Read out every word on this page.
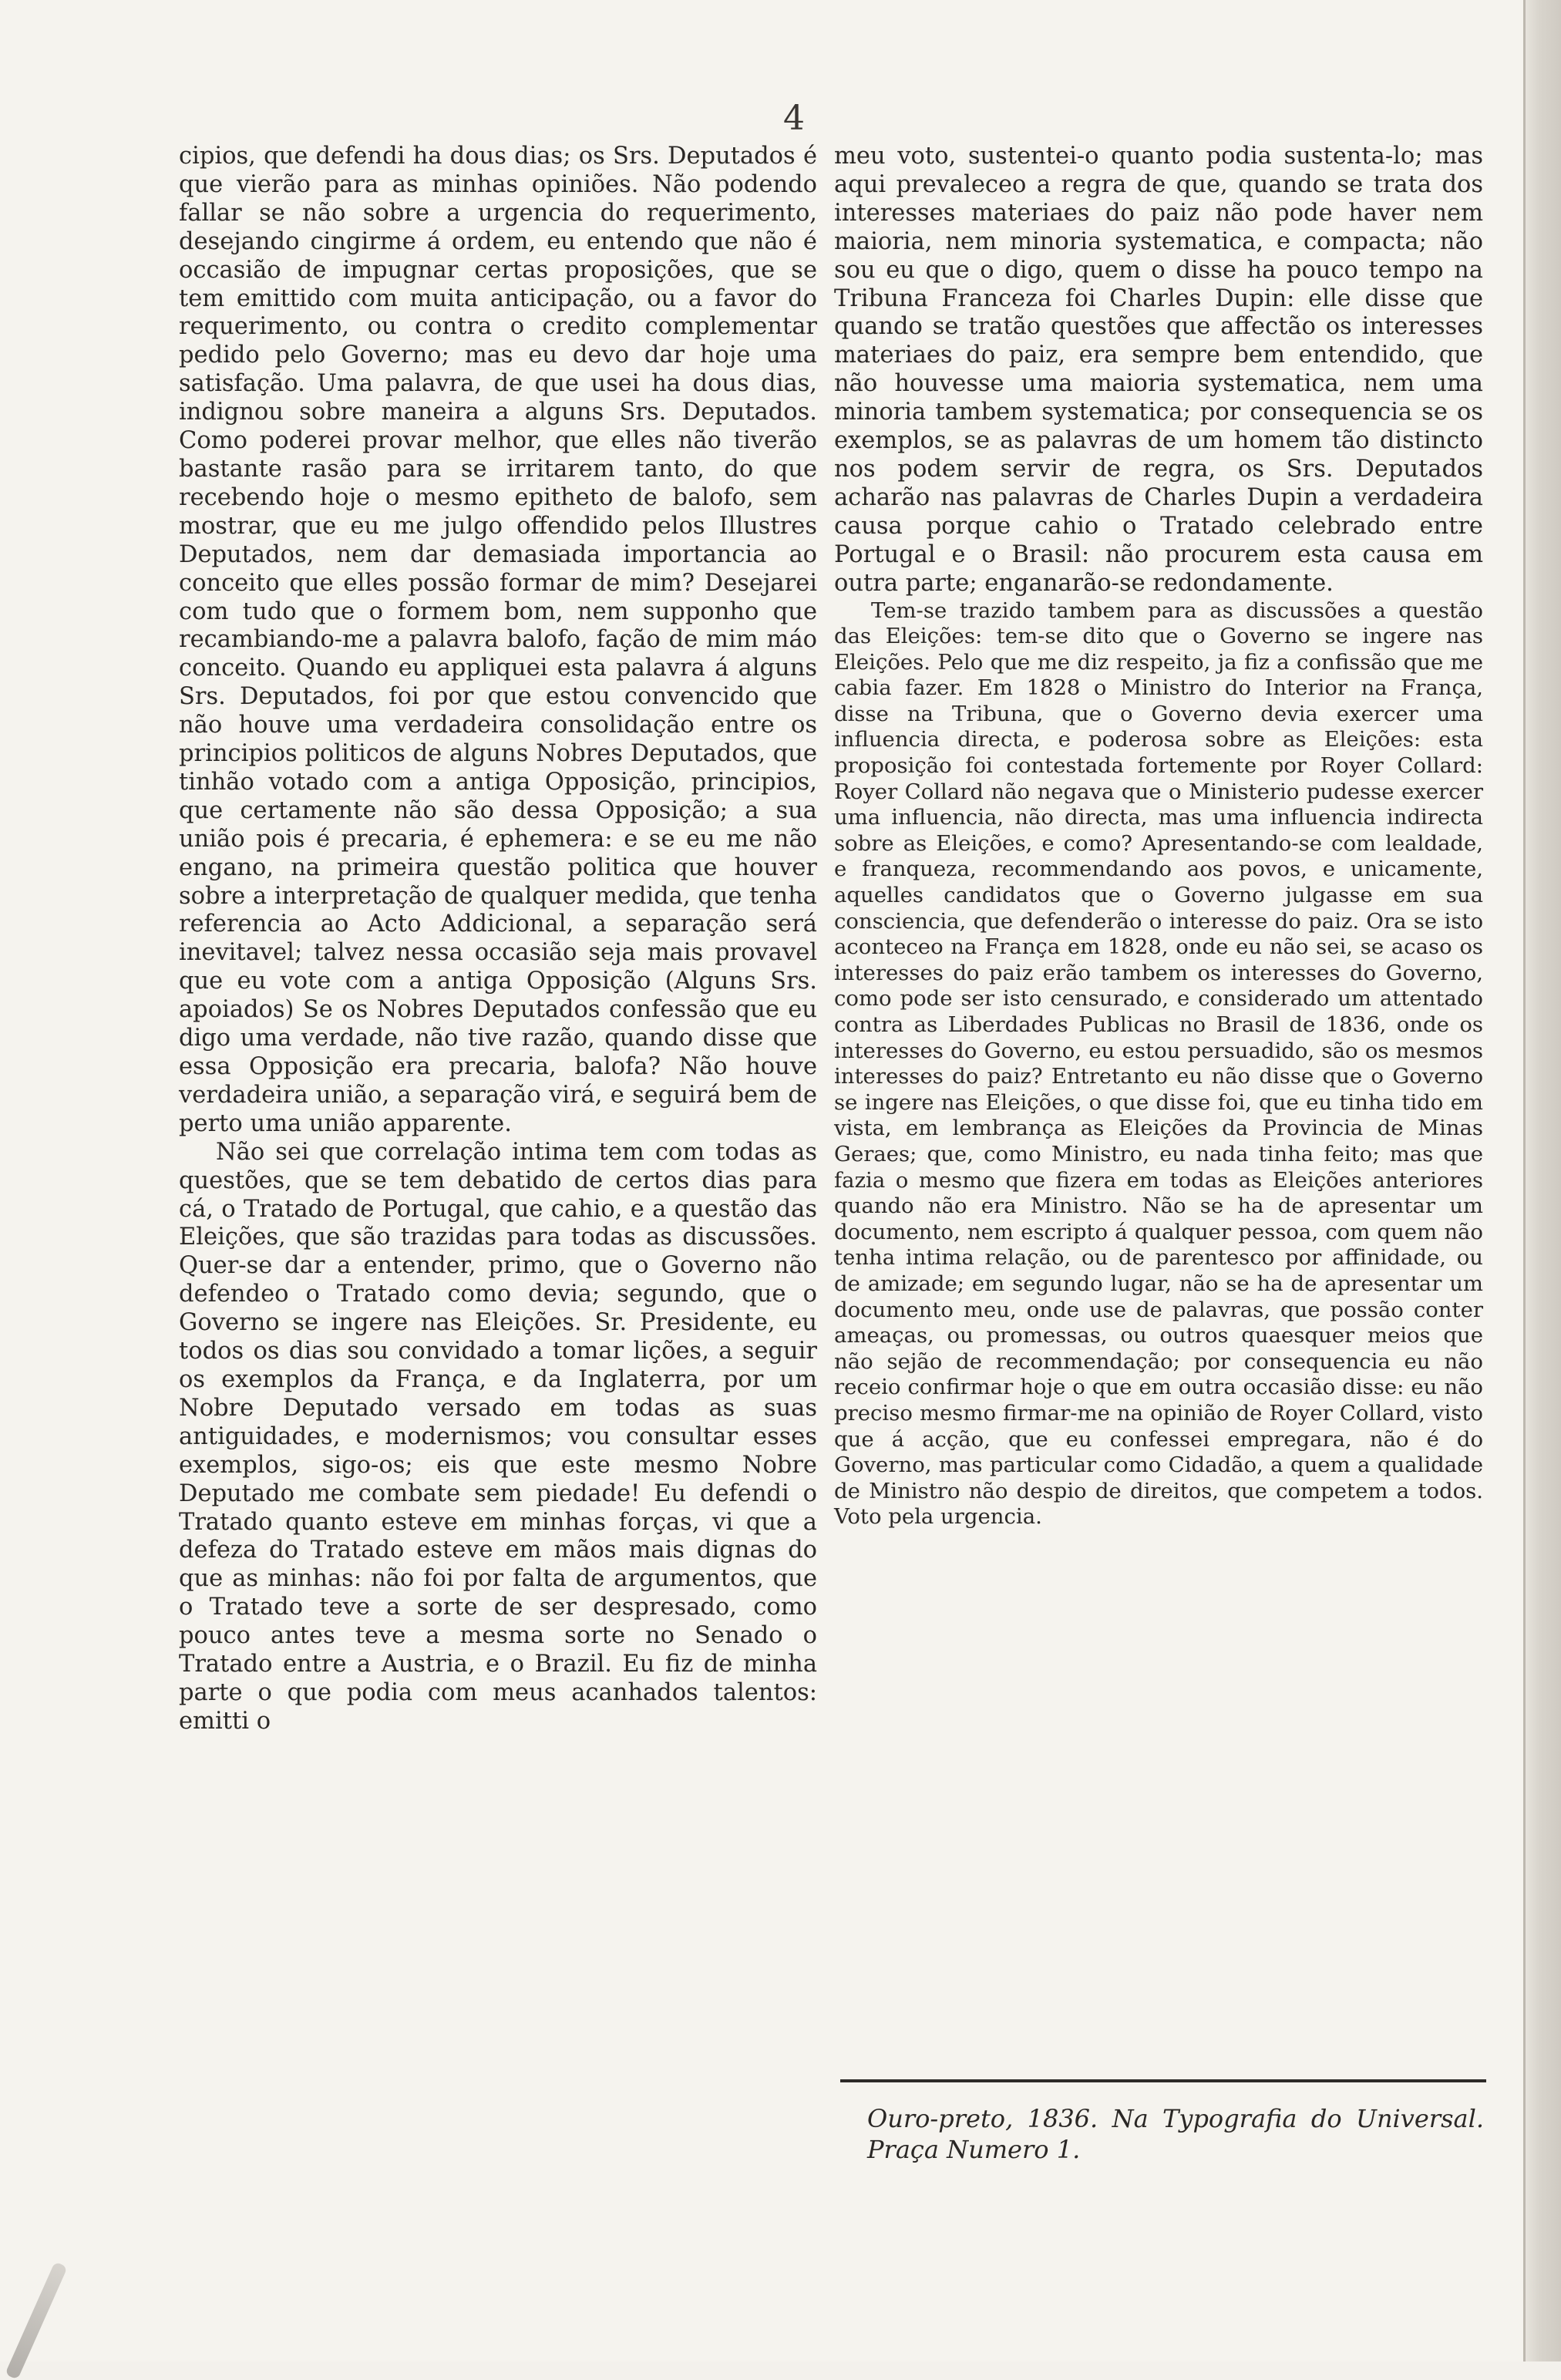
4

cipios, que defendi ha dous dias; os Srs. Deputados é que vierão para as minhas opiniões. Não podendo fallar se não sobre a urgencia do requerimento, desejando cingirme á ordem, eu entendo que não é occasião de impugnar certas proposições, que se tem emittido com muita anticipação, ou a favor do requerimento, ou contra o credito complementar pedido pelo Governo; mas eu devo dar hoje uma satisfação. Uma palavra, de que usei ha dous dias, indignou sobre maneira a alguns Srs. Deputados. Como poderei provar melhor, que elles não tiverão bastante rasão para se irritarem tanto, do que recebendo hoje o mesmo epitheto de balofo, sem mostrar, que eu me julgo offendido pelos Illustres Deputados, nem dar demasiada importancia ao conceito que elles possão formar de mim? Desejarei com tudo que o formem bom, nem supponho que recambiando-me a palavra balofo, fação de mim máo conceito. Quando eu appliquei esta palavra á alguns Srs. Deputados, foi por que estou convencido que não houve uma verdadeira consolidação entre os principios politicos de alguns Nobres Deputados, que tinhão votado com a antiga Opposição, principios, que certamente não são dessa Opposição; a sua união pois é precaria, é ephemera: e se eu me não engano, na primeira questão politica que houver sobre a interpretação de qualquer medida, que tenha referencia ao Acto Addicional, a separação será inevitavel; talvez nessa occasião seja mais provavel que eu vote com a antiga Opposição (Alguns Srs. apoiados) Se os Nobres Deputados confessão que eu digo uma verdade, não tive razão, quando disse que essa Opposição era precaria, balofa? Não houve verdadeira união, a separação virá, e seguirá bem de perto uma união apparente.

Não sei que correlação intima tem com todas as questões, que se tem debatido de certos dias para cá, o Tratado de Portugal, que cahio, e a questão das Eleições, que são trazidas para todas as discussões. Quer-se dar a entender, primo, que o Governo não defendeo o Tratado como devia; segundo, que o Governo se ingere nas Eleições. Sr. Presidente, eu todos os dias sou convidado a tomar lições, a seguir os exemplos da França, e da Inglaterra, por um Nobre Deputado versado em todas as suas antiguidades, e modernismos; vou consultar esses exemplos, sigo-os; eis que este mesmo Nobre Deputado me combate sem piedade! Eu defendi o Tratado quanto esteve em minhas forças, vi que a defeza do Tratado esteve em mãos mais dignas do que as minhas: não foi por falta de argumentos, que o Tratado teve a sorte de ser despresado, como pouco antes teve a mesma sorte no Senado o Tratado entre a Austria, e o Brazil. Eu fiz de minha parte o que podia com meus acanhados talentos: emitti o

meu voto, sustentei-o quanto podia sustenta-lo; mas aqui prevaleceo a regra de que, quando se trata dos interesses materiaes do paiz não pode haver nem maioria, nem minoria systematica, e compacta; não sou eu que o digo, quem o disse ha pouco tempo na Tribuna Franceza foi Charles Dupin: elle disse que quando se tratão questões que affectão os interesses materiaes do paiz, era sempre bem entendido, que não houvesse uma maioria systematica, nem uma minoria tambem systematica; por consequencia se os exemplos, se as palavras de um homem tão distincto nos podem servir de regra, os Srs. Deputados acharão nas palavras de Charles Dupin a verdadeira causa porque cahio o Tratado celebrado entre Portugal e o Brasil: não procurem esta causa em outra parte; enganarão-se redondamente.

Tem-se trazido tambem para as discussões a questão das Eleições: tem-se dito que o Governo se ingere nas Eleições. Pelo que me diz respeito, ja fiz a confissão que me cabia fazer. Em 1828 o Ministro do Interior na França, disse na Tribuna, que o Governo devia exercer uma influencia directa, e poderosa sobre as Eleições: esta proposição foi contestada fortemente por Royer Collard: Royer Collard não negava que o Ministerio pudesse exercer uma influencia, não directa, mas uma influencia indirecta sobre as Eleições, e como? Apresentando-se com lealdade, e franqueza, recommendando aos povos, e unicamente, aquelles candidatos que o Governo julgasse em sua consciencia, que defenderão o interesse do paiz. Ora se isto aconteceo na França em 1828, onde eu não sei, se acaso os interesses do paiz erão tambem os interesses do Governo, como pode ser isto censurado, e considerado um attentado contra as Liberdades Publicas no Brasil de 1836, onde os interesses do Governo, eu estou persuadido, são os mesmos interesses do paiz? Entretanto eu não disse que o Governo se ingere nas Eleições, o que disse foi, que eu tinha tido em vista, em lembrança as Eleições da Provincia de Minas Geraes; que, como Ministro, eu nada tinha feito; mas que fazia o mesmo que fizera em todas as Eleições anteriores quando não era Ministro. Não se ha de apresentar um documento, nem escripto á qualquer pessoa, com quem não tenha intima relação, ou de parentesco por affinidade, ou de amizade; em segundo lugar, não se ha de apresentar um documento meu, onde use de palavras, que possão conter ameaças, ou promessas, ou outros quaesquer meios que não sejão de recommendação; por consequencia eu não receio confirmar hoje o que em outra occasião disse: eu não preciso mesmo firmar-me na opinião de Royer Collard, visto que á acção, que eu confessei empregara, não é do Governo, mas particular como Cidadão, a quem a qualidade de Ministro não despio de direitos, que competem a todos. Voto pela urgencia.

Ouro-preto, 1836. Na Typografia do Universal. Praça Numero 1.
